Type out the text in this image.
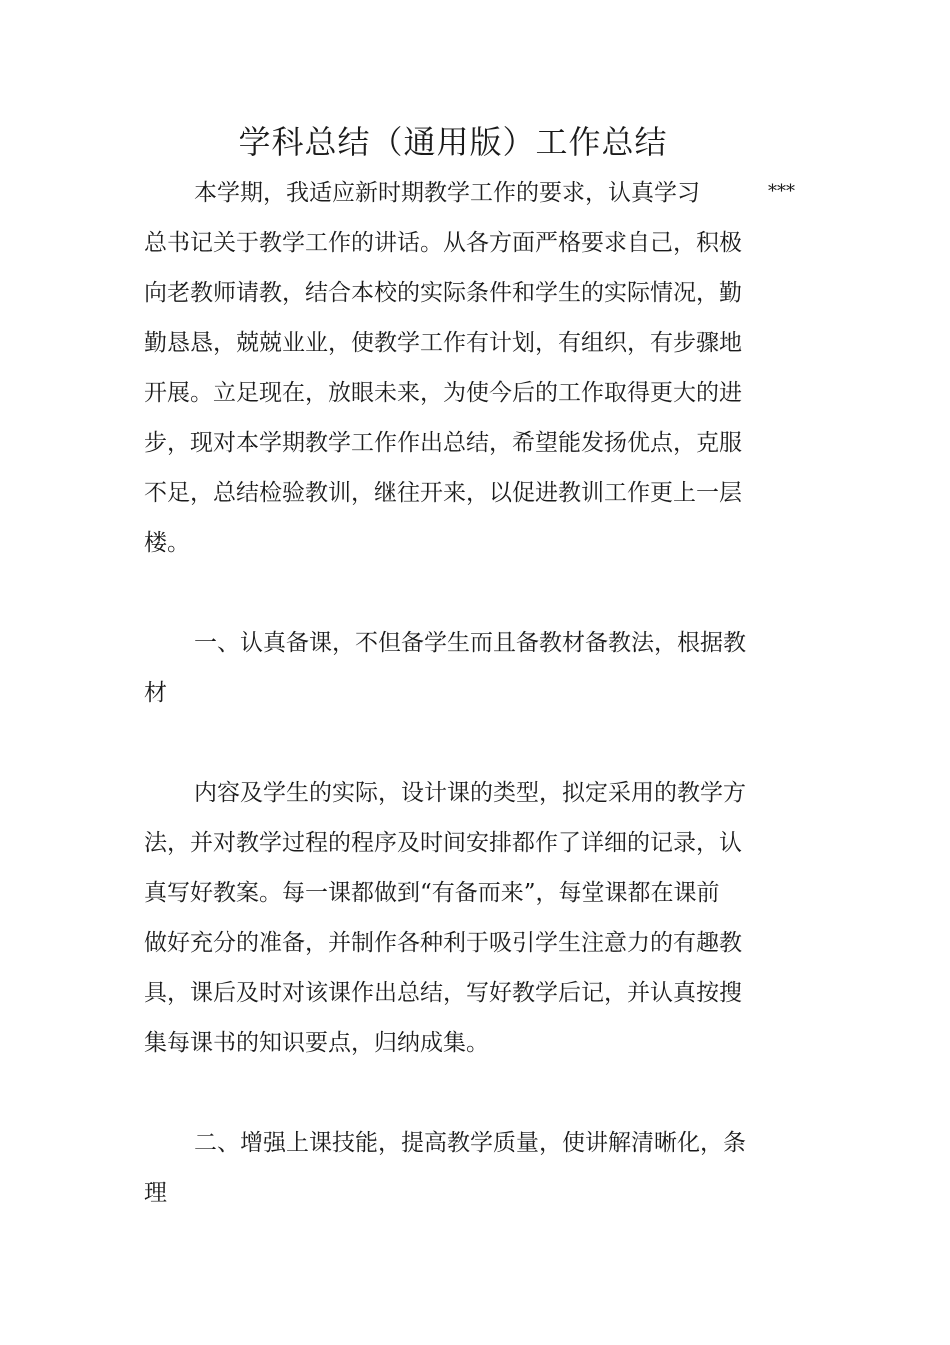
学科总结（通用版）工作总结
***
本学期，我适应新时期教学工作的要求，认真学习
总书记关于教学工作的讲话。从各方面严格要求自己，积极
向老教师请教，结合本校的实际条件和学生的实际情况，勤
勤恳恳，兢兢业业，使教学工作有计划，有组织，有步骤地
开展。立足现在，放眼未来，为使今后的工作取得更大的进
步，现对本学期教学工作作出总结，希望能发扬优点，克服
不足，总结检验教训，继往开来，以促进教训工作更上一层
楼。
一、认真备课，不但备学生而且备教材备教法，根据教
材
内容及学生的实际，设计课的类型，拟定采用的教学方
法，并对教学过程的程序及时间安排都作了详细的记录，认
真写好教案。每一课都做到“有备而来”，每堂课都在课前
做好充分的准备，并制作各种利于吸引学生注意力的有趣教
具，课后及时对该课作出总结，写好教学后记，并认真按搜
集每课书的知识要点，归纳成集。
二、增强上课技能，提高教学质量，使讲解清晰化，条
理
